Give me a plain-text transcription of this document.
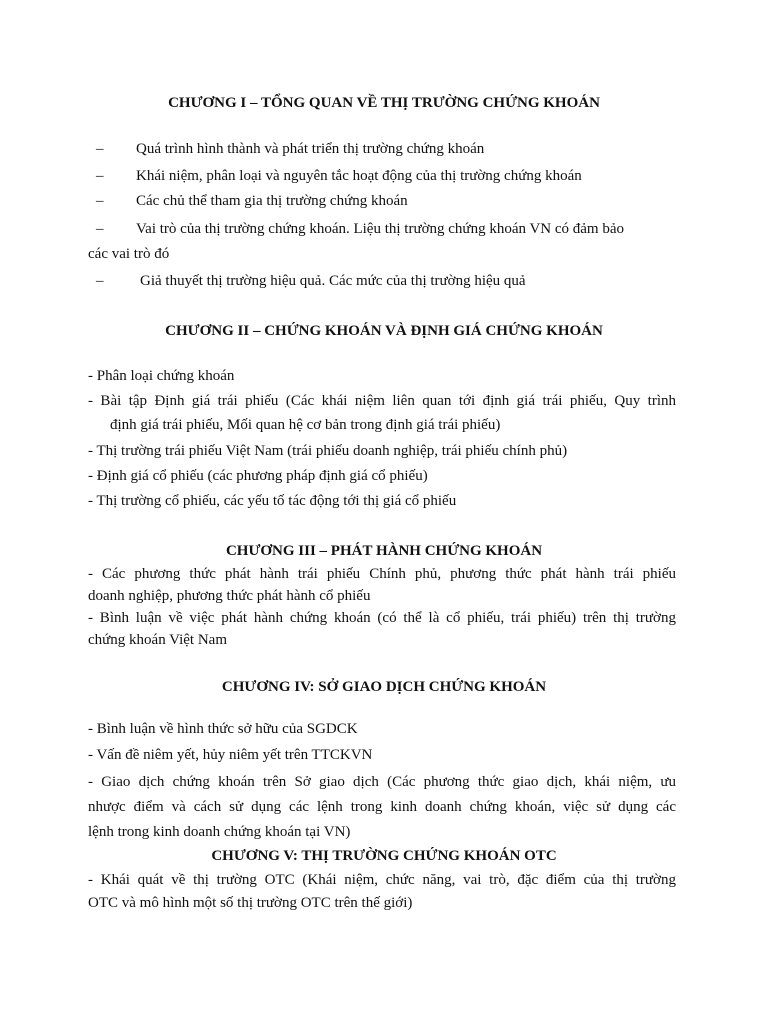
CHƯƠNG I – TỔNG QUAN VỀ THỊ TRƯỜNG CHỨNG KHOÁN
– Quá trình hình thành và phát triển thị trường chứng khoán
– Khái niệm, phân loại và nguyên tắc hoạt động của thị trường chứng khoán
– Các chủ thể tham gia thị trường chứng khoán
– Vai trò của thị trường chứng khoán. Liệu thị trường chứng khoán VN có đảm bảo
các vai trò đó
– Giả thuyết thị trường hiệu quả. Các mức của thị trường hiệu quả
CHƯƠNG II – CHỨNG KHOÁN VÀ ĐỊNH GIÁ CHỨNG KHOÁN
- Phân loại chứng khoán
- Bài tập Định giá trái phiếu (Các khái niệm liên quan tới định giá trái phiếu, Quy trình
định giá trái phiếu, Mối quan hệ cơ bản trong định giá trái phiếu)
- Thị trường trái phiếu Việt Nam (trái phiếu doanh nghiệp, trái phiếu chính phủ)
- Định giá cổ phiếu (các phương pháp định giá cổ phiếu)
- Thị trường cổ phiếu, các yếu tố tác động tới thị giá cổ phiếu
CHƯƠNG III – PHÁT HÀNH CHỨNG KHOÁN
- Các phương thức phát hành trái phiếu Chính phủ, phương thức phát hành trái phiếu
doanh nghiệp, phương thức phát hành cổ phiếu
- Bình luận về việc phát hành chứng khoán (có thể là cổ phiếu, trái phiếu) trên thị trường
chứng khoán Việt Nam
CHƯƠNG IV: SỞ GIAO DỊCH CHỨNG KHOÁN
- Bình luận về hình thức sở hữu của SGDCK
- Vấn đề niêm yết, hủy niêm yết trên TTCKVN
- Giao dịch chứng khoán trên Sở giao dịch (Các phương thức giao dịch, khái niệm, ưu
nhược điểm và cách sử dụng các lệnh trong kinh doanh chứng khoán, việc sử dụng các
lệnh trong kinh doanh chứng khoán tại VN)
CHƯƠNG V: THỊ TRƯỜNG CHỨNG KHOÁN OTC
- Khái quát về thị trường OTC (Khái niệm, chức năng, vai trò, đặc điểm của thị trường
OTC và mô hình một số thị trường OTC trên thế giới)
